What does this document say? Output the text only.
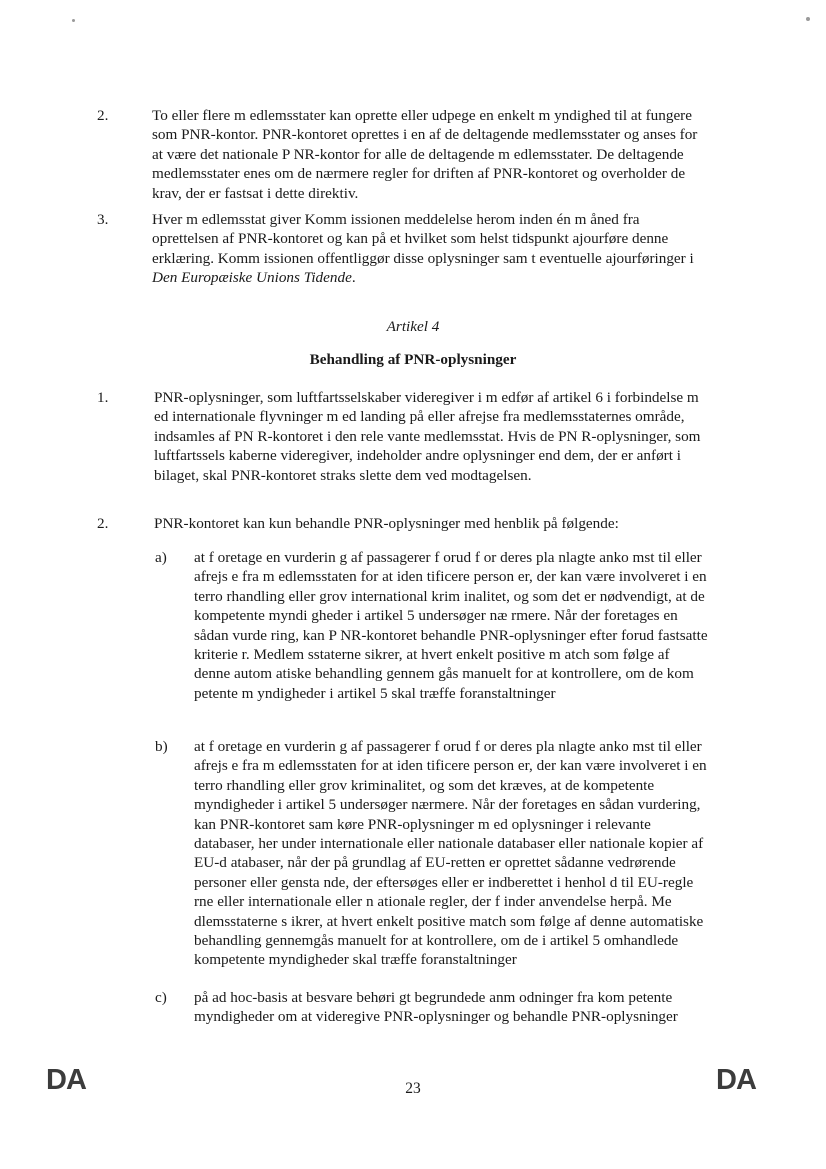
2.	To eller flere m edlemsstater kan oprette eller udpege en enkelt m yndighed til at fungere som PNR-kontor. PNR-kontoret oprettes i en af de deltagende medlemsstater og anses for at være det nationale P NR-kontor for alle de deltagende m edlemsstater. De deltagende medlemsstater enes om de nærmere regler for driften af PNR-kontoret og overholder de krav, der er fastsat i dette direktiv.
3.	Hver m edlemsstat giver Komm issionen meddelelse herom inden én m åned fra oprettelsen af PNR-kontoret og kan på et hvilket som helst tidspunkt ajourføre denne erklæring. Komm issionen offentliggør disse oplysninger sam t eventuelle ajourføringer i Den Europæiske Unions Tidende.
Artikel 4
Behandling af PNR-oplysninger
1.	PNR-oplysninger, som luftfartsselskaber videregiver i m edfør af artikel 6 i forbindelse m ed internationale flyvninger m ed landing på eller afrejse fra medlemsstaternes område, indsamles af PN R-kontoret i den rele vante medlemsstat. Hvis de PN R-oplysninger, som luftfartssels kaberne videregiver, indeholder andre oplysninger end dem, der er anført i bilaget, skal PNR-kontoret straks slette dem ved modtagelsen.
2.	PNR-kontoret kan kun behandle PNR-oplysninger med henblik på følgende:
a) at f oretage en vurderin g af passagerer f orud f or deres pla nlagte anko mst til eller afrejs e fra m edlemsstaten for at iden tificere person er, der kan være involveret i en terro rhandling eller grov international krim inalitet, og som det er nødvendigt, at de kompetente myndi gheder i artikel 5 undersøger næ rmere. Når der foretages en sådan vurde ring, kan P NR-kontoret behandle PNR-oplysninger efter forud fastsatte kriterie r. Medlem sstaterne sikrer, at hvert enkelt positive m atch som følge af denne autom atiske behandling gennem gås manuelt for at kontrollere, om de kom petente m yndigheder i artikel 5 skal træffe foranstaltninger
b) at f oretage en vurderin g af passagerer f orud f or deres pla nlagte anko mst til eller afrejs e fra m edlemsstaten for at iden tificere person er, der kan være involveret i en terro rhandling eller grov kriminalitet, og som det kræves, at de kompetente myndigheder i artikel 5 undersøger nærmere. Når der foretages en sådan vurdering, kan PNR-kontoret sam køre PNR-oplysninger m ed oplysninger i relevante databaser, her under internationale eller nationale databaser eller nationale kopier af EU-d atabaser, når der på grundlag af EU-retten er oprettet sådanne vedrørende personer eller gensta nde, der eftersøges eller er indberettet i henhol d til EU-regle rne eller internationale eller n ationale regler, der f inder anvendelse herpå. Me dlemsstaterne s ikrer, at hvert enkelt positive match som følge af denne automatiske behandling gennemgås manuelt for at kontrollere, om de i artikel 5 omhandlede kompetente myndigheder skal træffe foranstaltninger
c) på ad hoc-basis at besvare behøri gt begrundede anm odninger fra kom petente myndigheder om at videregive PNR-oplysninger og behandle PNR-oplysninger
DA	23	DA
